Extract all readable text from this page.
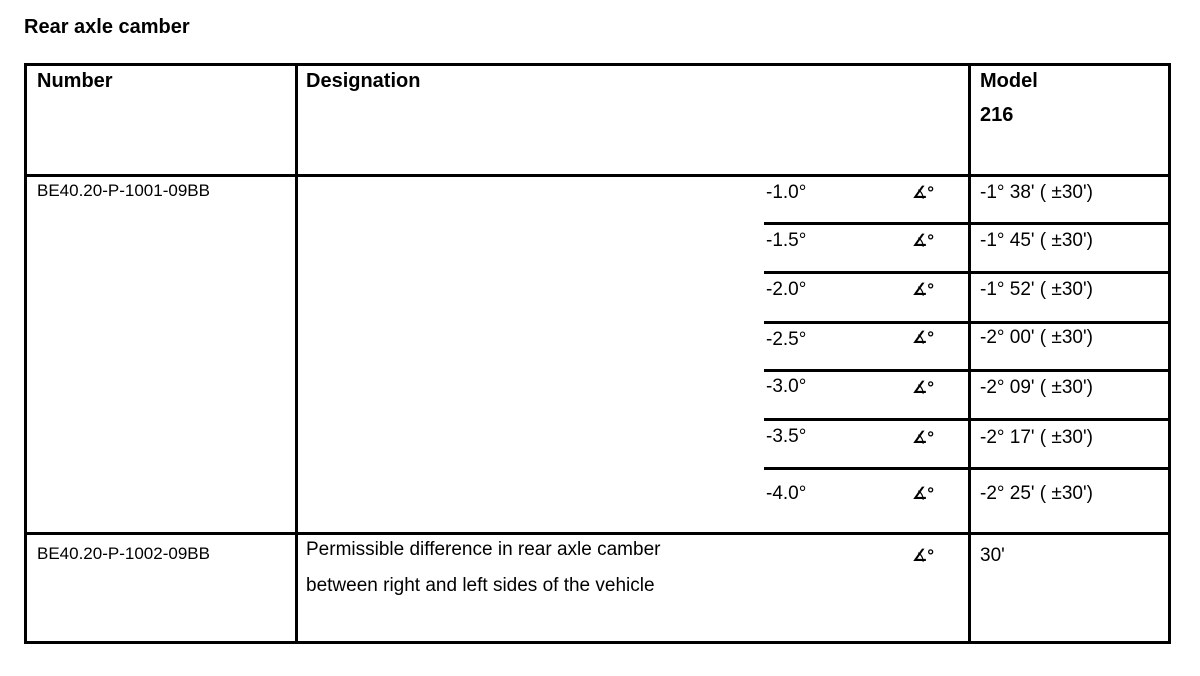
Rear axle camber
Number	Designation	Model
216
BE40.20-P-1001-09BB	-1.0°	∡° -1° 38' ( ±30')
-1.5°	∡° -1° 45' ( ±30')
-2.0°	∡° -1° 52' ( ±30')
-2.5°	∡° -2° 00' ( ±30')
-3.0°	∡° -2° 09' ( ±30')
-3.5°	∡° -2° 17' ( ±30')
-4.0°	∡° -2° 25' ( ±30')
BE40.20-P-1002-09BB	Permissible difference in rear axle camber
between right and left sides of the vehicle
∡° 30'
